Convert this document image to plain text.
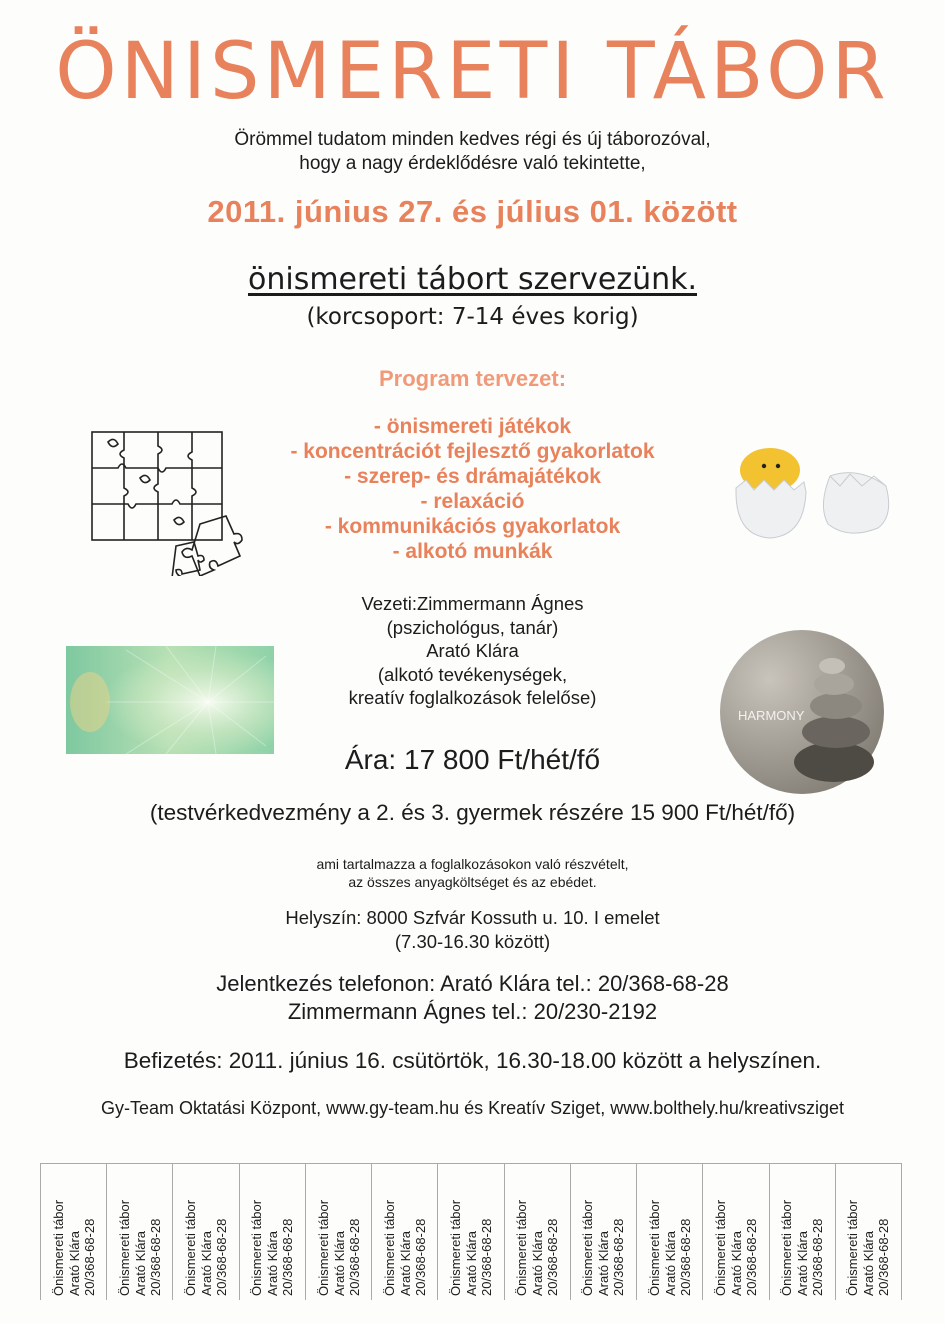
ÖNISMERETI TÁBOR
Örömmel tudatom minden kedves régi és új táborozóval,
hogy a nagy érdeklődésre való tekintette,
2011. június 27. és július 01. között
önismereti tábort szervezünk.
(korcsoport: 7-14 éves korig)
Program tervezet:
- önismereti játékok
- koncentrációt fejlesztő gyakorlatok
- szerep- és drámajátékok
- relaxáció
- kommunikációs gyakorlatok
- alkotó munkák
Vezeti:Zimmermann Ágnes
(pszichológus, tanár)
Arató Klára
(alkotó tevékenységek,
kreatív foglalkozások felelőse)
HARMONY
Ára: 17 800 Ft/hét/fő
(testvérkedvezmény a 2. és 3. gyermek részére 15 900 Ft/hét/fő)
ami tartalmazza a foglalkozásokon való részvételt,
az összes anyagköltséget és az ebédet.
Helyszín: 8000 Szfvár Kossuth u. 10. I emelet
(7.30-16.30 között)
Jelentkezés telefonon: Arató Klára tel.: 20/368-68-28
Zimmermann Ágnes tel.: 20/230-2192
Befizetés: 2011. június 16. csütörtök, 16.30-18.00 között a helyszínen.
Gy-Team Oktatási Központ, www.gy-team.hu és Kreatív Sziget, www.bolthely.hu/kreativsziget
Önismereti tábor Arató Klára 20/368-68-28 Önismereti tábor Arató Klára 20/368-68-28 Önismereti tábor Arató Klára 20/368-68-28 Önismereti tábor Arató Klára 20/368-68-28 Önismereti tábor Arató Klára 20/368-68-28 Önismereti tábor Arató Klára 20/368-68-28 Önismereti tábor Arató Klára 20/368-68-28 Önismereti tábor Arató Klára 20/368-68-28 Önismereti tábor Arató Klára 20/368-68-28 Önismereti tábor Arató Klára 20/368-68-28 Önismereti tábor Arató Klára 20/368-68-28 Önismereti tábor Arató Klára 20/368-68-28 Önismereti tábor Arató Klára 20/368-68-28
